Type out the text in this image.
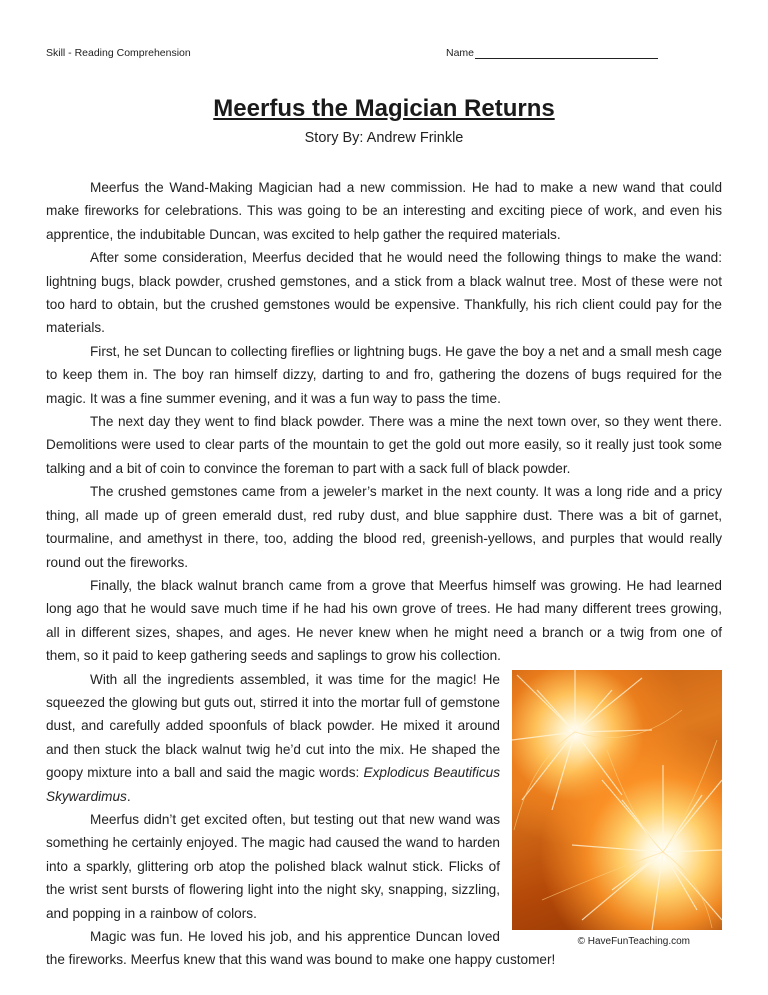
Skill - Reading Comprehension	Name
Meerfus the Magician Returns
Story By: Andrew Frinkle

Meerfus the Wand-Making Magician had a new commission. He had to make a new wand that could make fireworks for celebrations. This was going to be an interesting and exciting piece of work, and even his apprentice, the indubitable Duncan, was excited to help gather the required materials.

After some consideration, Meerfus decided that he would need the following things to make the wand: lightning bugs, black powder, crushed gemstones, and a stick from a black walnut tree. Most of these were not too hard to obtain, but the crushed gemstones would be expensive. Thankfully, his rich client could pay for the materials.

First, he set Duncan to collecting fireflies or lightning bugs. He gave the boy a net and a small mesh cage to keep them in. The boy ran himself dizzy, darting to and fro, gathering the dozens of bugs required for the magic. It was a fine summer evening, and it was a fun way to pass the time.

The next day they went to find black powder. There was a mine the next town over, so they went there. Demolitions were used to clear parts of the mountain to get the gold out more easily, so it really just took some talking and a bit of coin to convince the foreman to part with a sack full of black powder.

The crushed gemstones came from a jeweler’s market in the next county. It was a long ride and a pricy thing, all made up of green emerald dust, red ruby dust, and blue sapphire dust. There was a bit of garnet, tourmaline, and amethyst in there, too, adding the blood red, greenish-yellows, and purples that would really round out the fireworks.

Finally, the black walnut branch came from a grove that Meerfus himself was growing. He had learned long ago that he would save much time if he had his own grove of trees. He had many different trees growing, all in different sizes, shapes, and ages. He never knew when he might need a branch or a twig from one of them, so it paid to keep gathering seeds and saplings to grow his collection.

With all the ingredients assembled, it was time for the magic! He squeezed the glowing but guts out, stirred it into the mortar full of gemstone dust, and carefully added spoonfuls of black powder. He mixed it around and then stuck the black walnut twig he’d cut into the mix. He shaped the goopy mixture into a ball and said the magic words: Explodicus Beautificus Skywardimus.

Meerfus didn’t get excited often, but testing out that new wand was something he certainly enjoyed. The magic had caused the wand to harden into a sparkly, glittering orb atop the polished black walnut stick. Flicks of the wrist sent bursts of flowering light into the night sky, snapping, sizzling, and popping in a rainbow of colors.

Magic was fun. He loved his job, and his apprentice Duncan loved the fireworks. Meerfus knew that this wand was bound to make one happy customer!

© HaveFunTeaching.com
